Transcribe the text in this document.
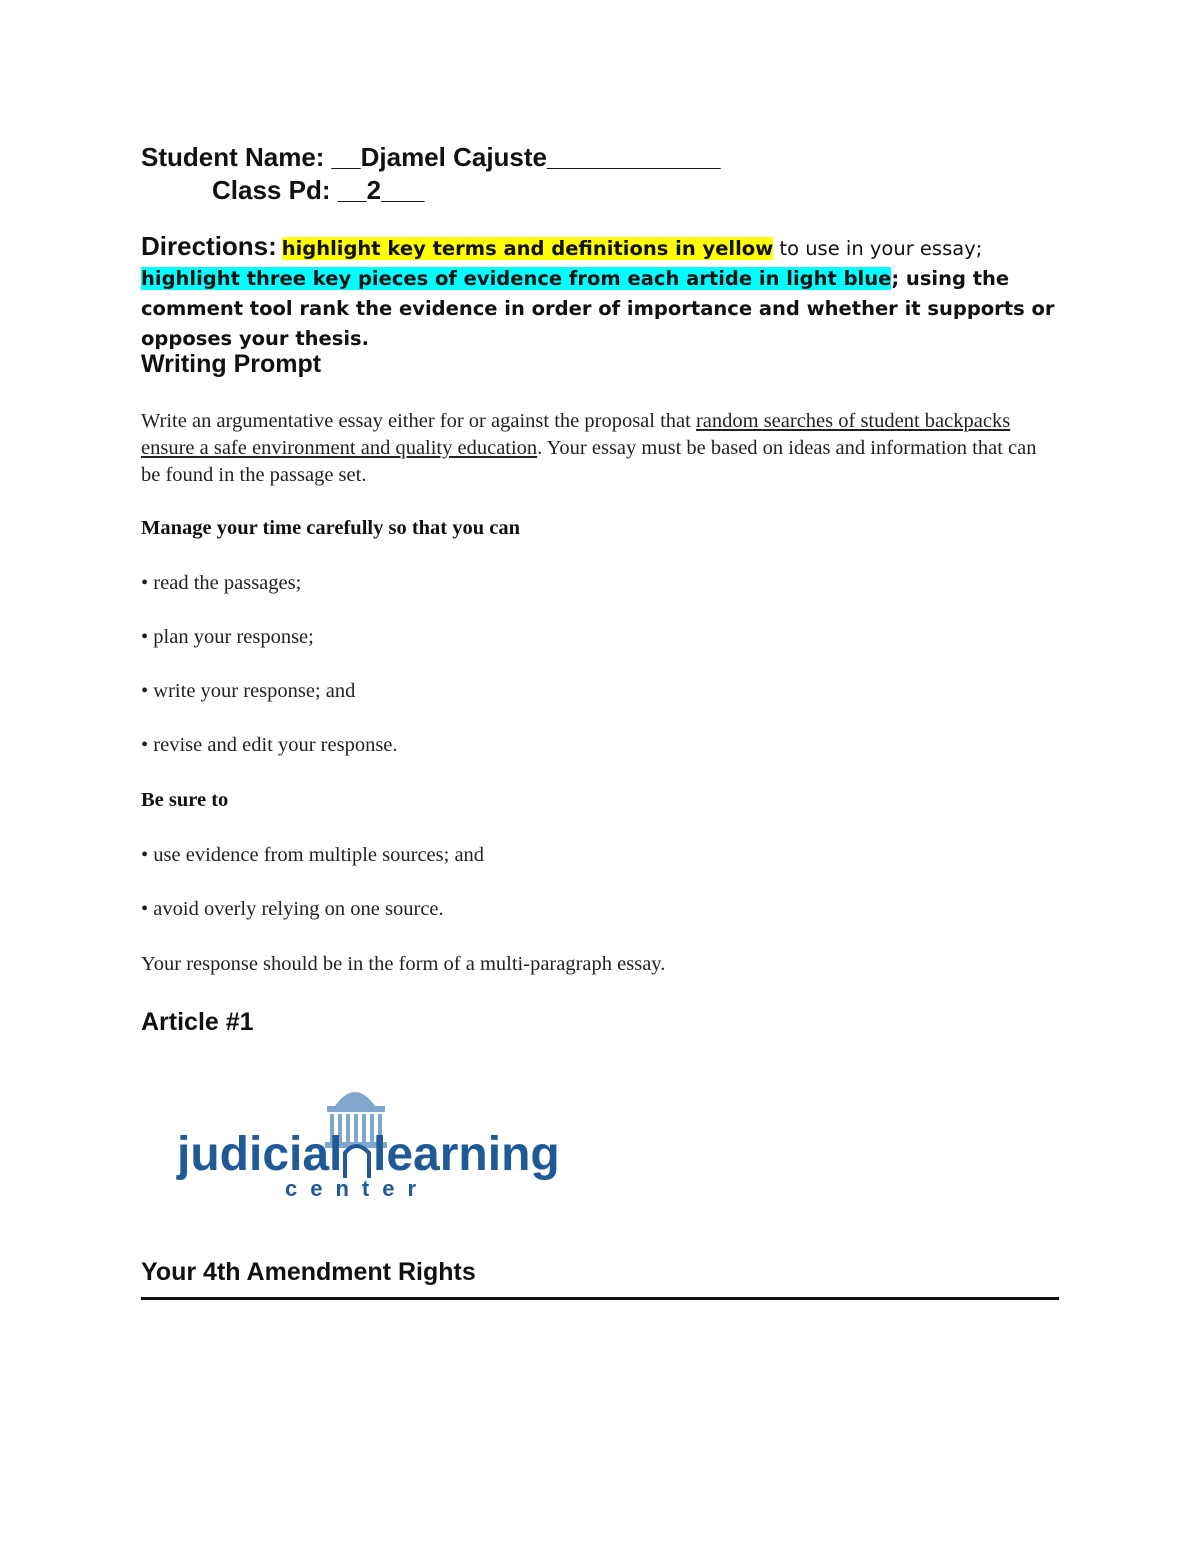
Student Name: __Djamel Cajuste____________
Class Pd: __2___
Directions: highlight key terms and definitions in yellow to use in your essay; highlight three key pieces of evidence from each artide in light blue; using the comment tool rank the evidence in order of importance and whether it supports or opposes your thesis.
Writing Prompt
Write an argumentative essay either for or against the proposal that random searches of student backpacks ensure a safe environment and quality education. Your essay must be based on ideas and information that can be found in the passage set.
Manage your time carefully so that you can
• read the passages;
• plan your response;
• write your response; and
• revise and edit your response.
Be sure to
• use evidence from multiple sources; and
• avoid overly relying on one source.
Your response should be in the form of a multi-paragraph essay.
Article #1
judicial learning
center
Your 4th Amendment Rights
